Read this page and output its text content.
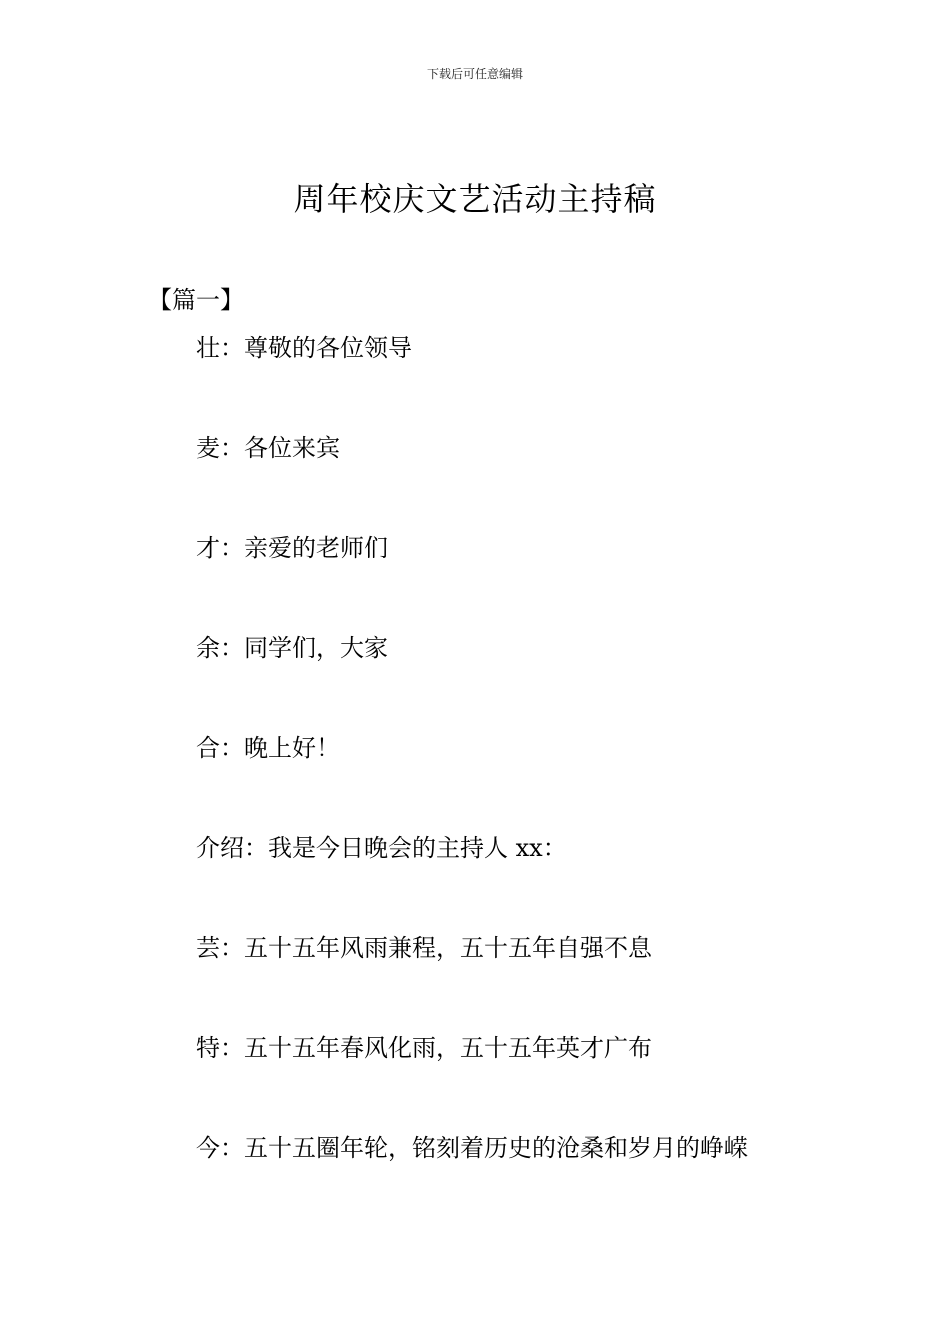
下载后可任意编辑
周年校庆文艺活动主持稿
【篇一】
壮：尊敬的各位领导
麦：各位来宾
才：亲爱的老师们
余：同学们，大家
合：晚上好！
介绍：我是今日晚会的主持人 xx：
芸：五十五年风雨兼程，五十五年自强不息
特：五十五年春风化雨，五十五年英才广布
今：五十五圈年轮，铭刻着历史的沧桑和岁月的峥嵘
